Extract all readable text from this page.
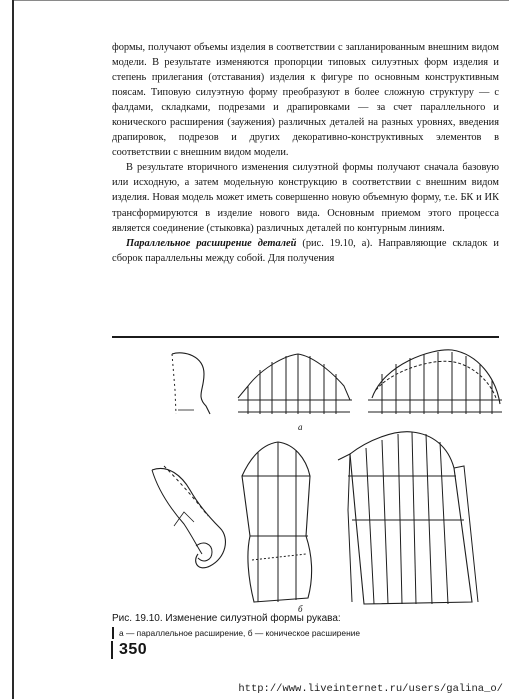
формы, получают объемы изделия в соответствии с запланированным внешним видом модели. В результате изменяются пропорции типовых силуэтных форм изделия и степень прилегания (отставания) изделия к фигуре по основным конструктивным поясам. Типовую силуэтную форму преобразуют в более сложную структуру — с фалдами, складками, подрезами и драпировками — за счет параллельного и конического расширения (заужения) различных деталей на разных уровнях, введения драпировок, подрезов и других декоративно-конструктивных элементов в соответствии с внешним видом модели.

В результате вторичного изменения силуэтной формы получают сначала базовую или исходную, а затем модельную конструкцию в соответствии с внешним видом изделия. Новая модель может иметь совершенно новую объемную форму, т.е. БК и ИК трансформируются в изделие нового вида. Основным приемом этого процесса является соединение (стыковка) различных деталей по контурным линиям.

Параллельное расширение деталей (рис. 19.10, а). Направляющие складок и сборок параллельны между собой. Для получения

а
б
Рис. 19.10. Изменение силуэтной формы рукава:
а — параллельное расширение, б — коническое расширение
350
http://www.liveinternet.ru/users/galina_o/
